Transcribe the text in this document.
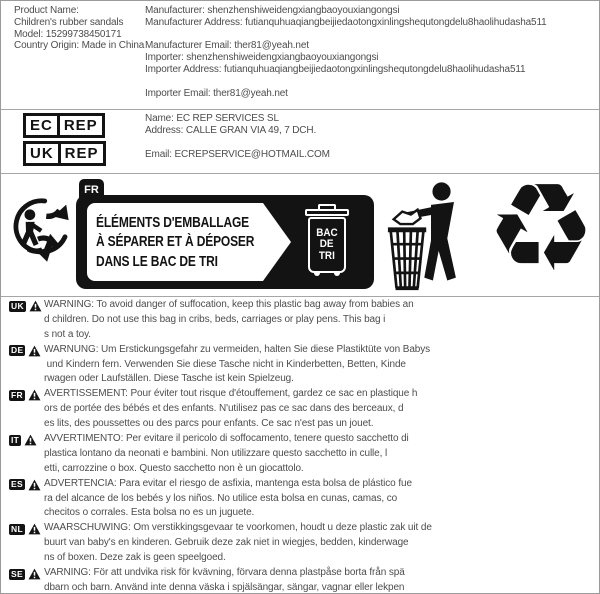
Product Name:
Children's rubber sandals
Model: 15299738450171
Country Origin: Made in China
Manufacturer: shenzhenshiweidengxiangbaoyouxiangongsi
Manufacturer Address: futianquhuaqiangbeijiedaotongxinlingshequtongdelu8haolihudasha511
Manufacturer Email: ther81@yeah.net
Importer: shenzhenshiweidengxiangbaoyouxiangongsi
Importer Address: futianquhuaqiangbeijiedaotongxinlingshequtongdelu8haolihudasha511
Importer Email: ther81@yeah.net
EC REP
UK REP
Name: EC REP SERVICES SL
Address: CALLE GRAN VIA 49, 7 DCH.
Email: ECREPSERVICE@HOTMAIL.COM
FR
ÉLÉMENTS D'EMBALLAGE
À SÉPARER ET À DÉPOSER
DANS LE BAC DE TRI
BAC
DE
TRI ♻
UK WARNING: To avoid danger of suffocation, keep this plastic bag away from babies an
d children. Do not use this bag in cribs, beds, carriages or play pens. This bag i
s not a toy.
DE WARNUNG: Um Erstickungsgefahr zu vermeiden, halten Sie diese Plastiktüte von Babys
und Kindern fern. Verwenden Sie diese Tasche nicht in Kinderbetten, Betten, Kinde
rwagen oder Laufställen. Diese Tasche ist kein Spielzeug.
FR AVERTISSEMENT: Pour éviter tout risque d'étouffement, gardez ce sac en plastique h
ors de portée des bébés et des enfants. N'utilisez pas ce sac dans des berceaux, d
es lits, des poussettes ou des parcs pour enfants. Ce sac n'est pas un jouet.
IT AVVERTIMENTO: Per evitare il pericolo di soffocamento, tenere questo sacchetto di
plastica lontano da neonati e bambini. Non utilizzare questo sacchetto in culle, l
etti, carrozzine o box. Questo sacchetto non è un giocattolo.
ES ADVERTENCIA: Para evitar el riesgo de asfixia, mantenga esta bolsa de plástico fue
ra del alcance de los bebés y los niños. No utilice esta bolsa en cunas, camas, co
checitos o corrales. Esta bolsa no es un juguete.
NL WAARSCHUWING: Om verstikkingsgevaar te voorkomen, houdt u deze plastic zak uit de
buurt van baby's en kinderen. Gebruik deze zak niet in wiegjes, bedden, kinderwage
ns of boxen. Deze zak is geen speelgoed.
SE VARNING: För att undvika risk för kvävning, förvara denna plastpåse borta från spä
dbarn och barn. Använd inte denna väska i spjälsängar, sängar, vagnar eller lekpen
